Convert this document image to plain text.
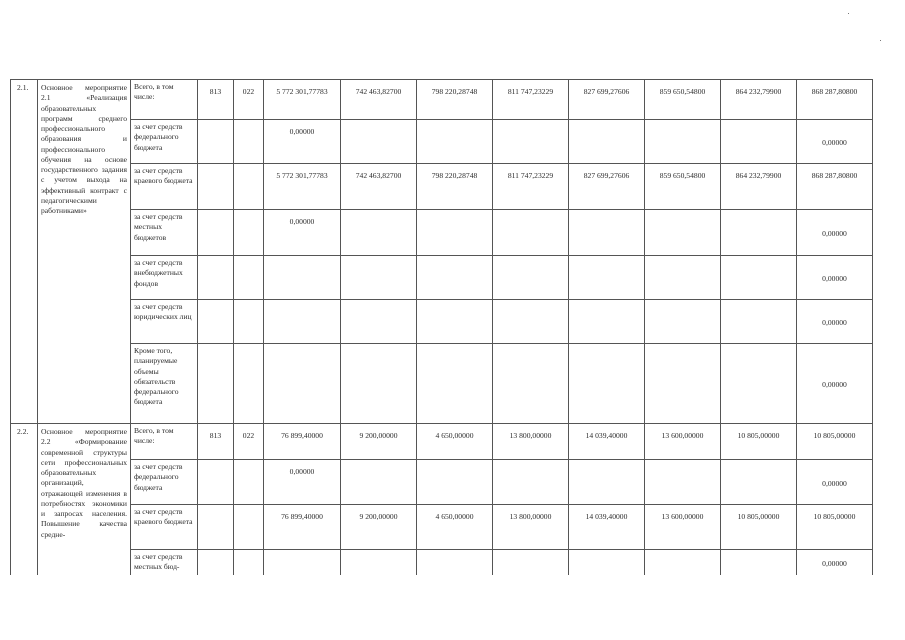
2.1.	Основное мероприятие 2.1 «Реализация образовательных программ среднего профессионального образования и профессионального обучения на основе государственного задания с учетом выхода на эффективный контракт с педагогическими работниками»	Всего, в том числе:	813	022	5 772 301,77783	742 463,82700	798 220,28748	811 747,23229	827 699,27606	859 650,54800	864 232,79900	868 287,80800
		за счет средств федерального бюджета			0,00000							0,00000
		за счет средств краевого бюджета			5 772 301,77783	742 463,82700	798 220,28748	811 747,23229	827 699,27606	859 650,54800	864 232,79900	868 287,80800
		за счет средств местных бюджетов			0,00000							0,00000
		за счет средств внебюджетных фондов										0,00000
		за счет средств юридических лиц										0,00000
		Кроме того, планируемые объемы обязательств федерального бюджета										0,00000
2.2.	Основное мероприятие 2.2 «Формирование современной структуры сети профессиональных образовательных организаций, отражающей изменения в потребностях экономики и запросах населения. Повышение качества средне-	Всего, в том числе:	813	022	76 899,40000	9 200,00000	4 650,00000	13 800,00000	14 039,40000	13 600,00000	10 805,00000	10 805,00000
		за счет средств федерального бюджета			0,00000							0,00000
		за счет средств краевого бюджета			76 899,40000	9 200,00000	4 650,00000	13 800,00000	14 039,40000	13 600,00000	10 805,00000	10 805,00000
		за счет средств местных бюд-										0,00000
